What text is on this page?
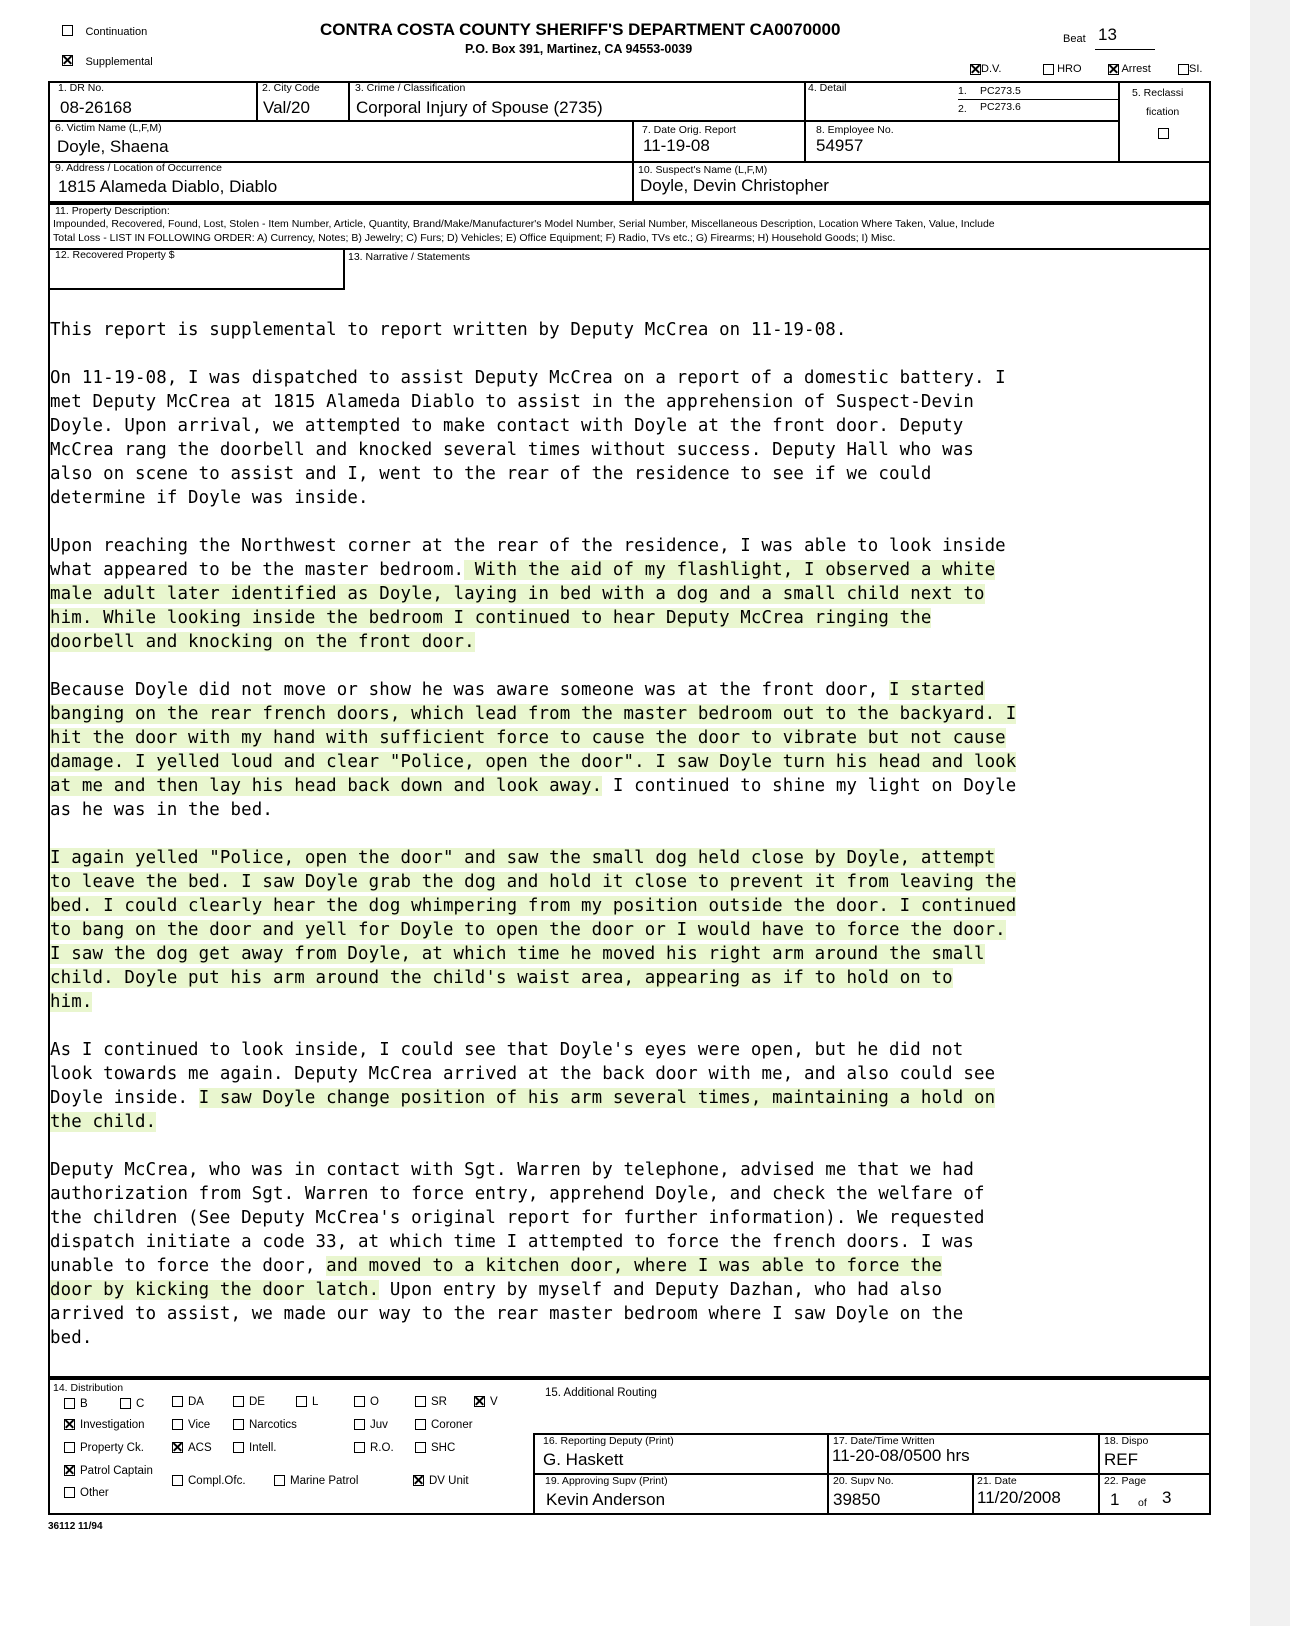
Continuation
Supplemental
CONTRA COSTA COUNTY SHERIFF'S DEPARTMENT CA0070000
P.O. Box 391, Martinez, CA 94553-0039
Beat 13
D.V.	HRO	Arrest	SI.
1. DR No.
08-26168
2. City Code
Val/20
3. Crime / Classification
Corporal Injury of Spouse (2735)
4. Detail	1. PC273.5
2. PC273.6
5. Reclassi
fication
6. Victim Name (L,F,M)
Doyle, Shaena
7. Date Orig. Report
11-19-08
8. Employee No.
54957
9. Address / Location of Occurrence
1815 Alameda Diablo, Diablo
10. Suspect's Name (L,F,M)
Doyle, Devin Christopher
11. Property Description:
Impounded, Recovered, Found, Lost, Stolen - Item Number, Article, Quantity, Brand/Make/Manufacturer's Model Number, Serial Number, Miscellaneous Description, Location Where Taken, Value, Include
Total Loss - LIST IN FOLLOWING ORDER: A) Currency, Notes; B) Jewelry; C) Furs; D) Vehicles; E) Office Equipment; F) Radio, TVs etc.; G) Firearms; H) Household Goods; I) Misc.
12. Recovered Property $	13. Narrative / Statements
This report is supplemental to report written by Deputy McCrea on 11-19-08.

On 11-19-08, I was dispatched to assist Deputy McCrea on a report of a domestic battery. I
met Deputy McCrea at 1815 Alameda Diablo to assist in the apprehension of Suspect-Devin
Doyle. Upon arrival, we attempted to make contact with Doyle at the front door. Deputy
McCrea rang the doorbell and knocked several times without success. Deputy Hall who was
also on scene to assist and I, went to the rear of the residence to see if we could
determine if Doyle was inside.

Upon reaching the Northwest corner at the rear of the residence, I was able to look inside
what appeared to be the master bedroom. With the aid of my flashlight, I observed a white
male adult later identified as Doyle, laying in bed with a dog and a small child next to
him. While looking inside the bedroom I continued to hear Deputy McCrea ringing the
doorbell and knocking on the front door.

Because Doyle did not move or show he was aware someone was at the front door, I started
banging on the rear french doors, which lead from the master bedroom out to the backyard. I
hit the door with my hand with sufficient force to cause the door to vibrate but not cause
damage. I yelled loud and clear "Police, open the door". I saw Doyle turn his head and look
at me and then lay his head back down and look away. I continued to shine my light on Doyle
as he was in the bed.

I again yelled "Police, open the door" and saw the small dog held close by Doyle, attempt
to leave the bed. I saw Doyle grab the dog and hold it close to prevent it from leaving the
bed. I could clearly hear the dog whimpering from my position outside the door. I continued
to bang on the door and yell for Doyle to open the door or I would have to force the door.
I saw the dog get away from Doyle, at which time he moved his right arm around the small
child. Doyle put his arm around the child's waist area, appearing as if to hold on to
him.

As I continued to look inside, I could see that Doyle's eyes were open, but he did not
look towards me again. Deputy McCrea arrived at the back door with me, and also could see
Doyle inside. I saw Doyle change position of his arm several times, maintaining a hold on
the child.

Deputy McCrea, who was in contact with Sgt. Warren by telephone, advised me that we had
authorization from Sgt. Warren to force entry, apprehend Doyle, and check the welfare of
the children (See Deputy McCrea's original report for further information). We requested
dispatch initiate a code 33, at which time I attempted to force the french doors. I was
unable to force the door, and moved to a kitchen door, where I was able to force the
door by kicking the door latch. Upon entry by myself and Deputy Dazhan, who had also
arrived to assist, we made our way to the rear master bedroom where I saw Doyle on the
bed.
14. Distribution	15. Additional Routing
B	C	DA	DE	L	O	SR	V
Investigation	Vice	Narcotics	Juv	Coroner
Property Ck.	ACS	Intell.	R.O.	SHC
Patrol Captain
Other
Compl.Ofc.	Marine Patrol	DV Unit
16. Reporting Deputy (Print)
G. Haskett
17. Date/Time Written
11-20-08/0500 hrs
18. Dispo
REF
19. Approving Supv (Print)
Kevin Anderson
20. Supv No.
39850
21. Date
11/20/2008
22. Page
1 of 3
36112 11/94
